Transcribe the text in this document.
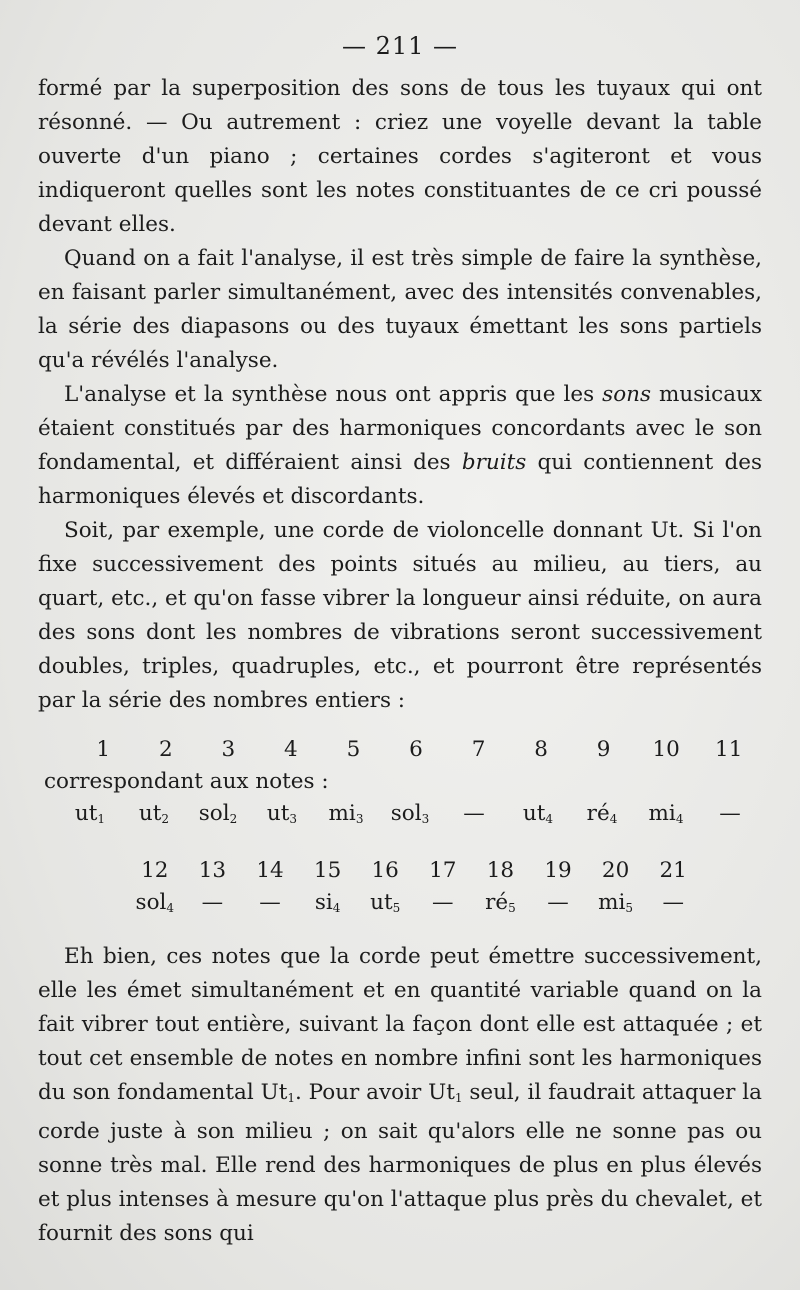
— 211 —

formé par la superposition des sons de tous les tuyaux qui ont résonné. — Ou autrement : criez une voyelle devant la table ouverte d'un piano ; certaines cordes s'agiteront et vous indiqueront quelles sont les notes constituantes de ce cri poussé devant elles.

Quand on a fait l'analyse, il est très simple de faire la synthèse, en faisant parler simultanément, avec des intensités convenables, la série des diapasons ou des tuyaux émettant les sons partiels qu'a révélés l'analyse.

L'analyse et la synthèse nous ont appris que les sons musicaux étaient constitués par des harmoniques concordants avec le son fondamental, et différaient ainsi des bruits qui contiennent des harmoniques élevés et discordants.

Soit, par exemple, une corde de violoncelle donnant Ut. Si l'on fixe successivement des points situés au milieu, au tiers, au quart, etc., et qu'on fasse vibrer la longueur ainsi réduite, on aura des sons dont les nombres de vibrations seront successivement doubles, triples, quadruples, etc., et pourront être représentés par la série des nombres entiers :

1	2	3	4	5	6	7	8	9	10	11
correspondant aux notes :
$ut_1$	$ut_2$	sol$_2$	$ut_3$	$mi_3$	sol$_3$	—	$ut_4$	$ré_4$	$mi_4$	—
12	13	14	15	16	17	18	19	20	21
sol$_4$	—	—	$si_4$	$ut_5$	—	$ré_5$	—	$mi_5$	—

Eh bien, ces notes que la corde peut émettre successivement, elle les émet simultanément et en quantité variable quand on la fait vibrer tout entière, suivant la façon dont elle est attaquée ; et tout cet ensemble de notes en nombre infini sont les harmoniques du son fondamental $Ut_1$. Pour avoir $Ut_1$ seul, il faudrait attaquer la corde juste à son milieu ; on sait qu'alors elle ne sonne pas ou sonne très mal. Elle rend des harmoniques de plus en plus élevés et plus intenses à mesure qu'on l'attaque plus près du chevalet, et fournit des sons qui
